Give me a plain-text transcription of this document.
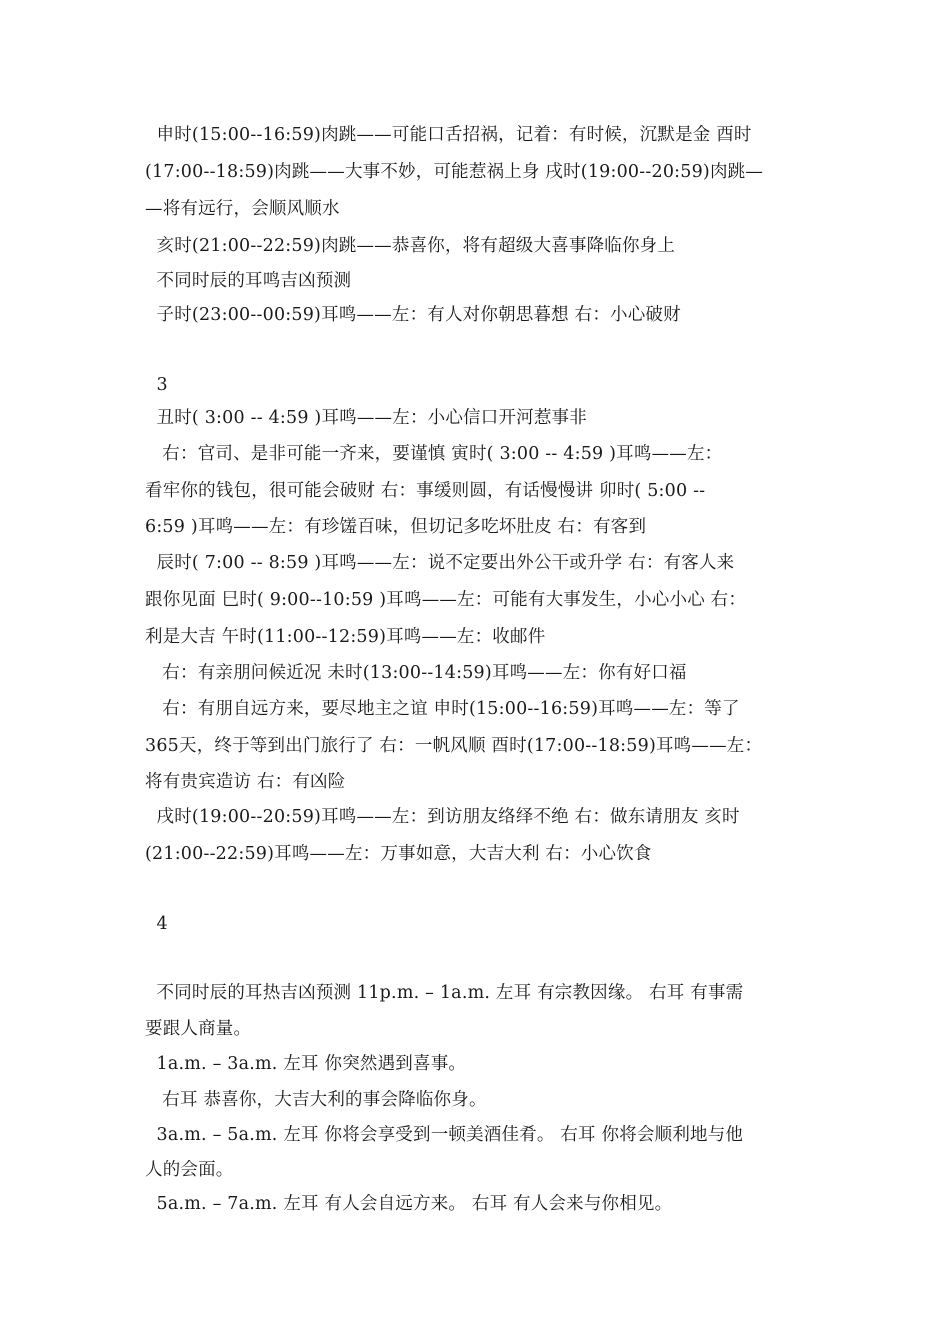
申时(15:00--16:59)肉跳——可能口舌招祸，记着：有时候，沉默是金 酉时

(17:00--18:59)肉跳——大事不妙，可能惹祸上身 戌时(19:00--20:59)肉跳—

—将有远行，会顺风顺水

亥时(21:00--22:59)肉跳——恭喜你，将有超级大喜事降临你身上

不同时辰的耳鸣吉凶预测

子时(23:00--00:59)耳鸣——左：有人对你朝思暮想 右：小心破财

3

丑时( 3:00 -- 4:59 )耳鸣——左：小心信口开河惹事非

右：官司、是非可能一齐来，要谨慎 寅时( 3:00 -- 4:59 )耳鸣——左：

看牢你的钱包，很可能会破财 右：事缓则圆，有话慢慢讲 卯时( 5:00 --

6:59 )耳鸣——左：有珍馐百味，但切记多吃坏肚皮 右：有客到

辰时( 7:00 -- 8:59 )耳鸣——左：说不定要出外公干或升学 右：有客人来

跟你见面 巳时( 9:00--10:59 )耳鸣——左：可能有大事发生，小心小心 右：

利是大吉 午时(11:00--12:59)耳鸣——左：收邮件

右：有亲朋问候近况 未时(13:00--14:59)耳鸣——左：你有好口福

右：有朋自远方来，要尽地主之谊 申时(15:00--16:59)耳鸣——左：等了

365天，终于等到出门旅行了 右：一帆风顺 酉时(17:00--18:59)耳鸣——左：

将有贵宾造访 右：有凶险

戌时(19:00--20:59)耳鸣——左：到访朋友络绎不绝 右：做东请朋友 亥时

(21:00--22:59)耳鸣——左：万事如意，大吉大利 右：小心饮食

4

不同时辰的耳热吉凶预测 11p.m. – 1a.m. 左耳 有宗教因缘。 右耳 有事需

要跟人商量。

1a.m. – 3a.m. 左耳 你突然遇到喜事。

右耳 恭喜你，大吉大利的事会降临你身。

3a.m. – 5a.m. 左耳 你将会享受到一顿美酒佳肴。 右耳 你将会顺利地与他

人的会面。

5a.m. – 7a.m. 左耳 有人会自远方来。 右耳 有人会来与你相见。
